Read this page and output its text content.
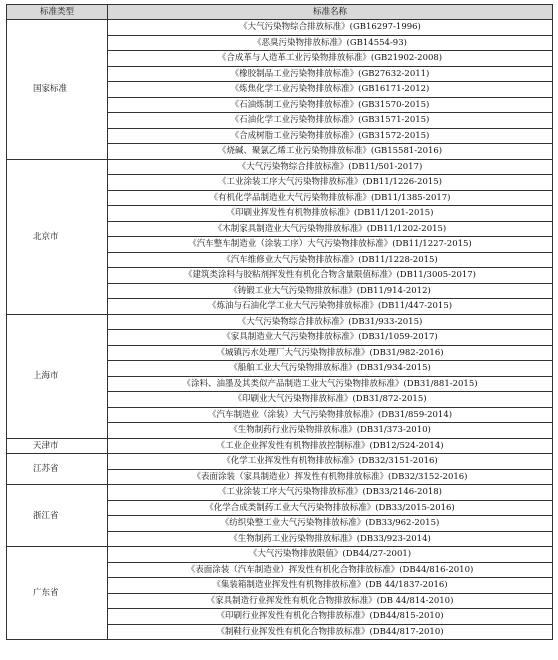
标准类型	标准名称
国家标准	《大气污染物综合排放标准》(GB16297-1996)
	《恶臭污染物排放标准》(GB14554-93)
	《合成革与人造革工业污染物排放标准》(GB21902-2008)
	《橡胶制品工业污染物排放标准》(GB27632-2011)
	《炼焦化学工业污染物排放标准》(GB16171-2012)
	《石油炼制工业污染物排放标准》(GB31570-2015)
	《石油化学工业污染物排放标准》(GB31571-2015)
	《合成树脂工业污染物排放标准》(GB31572-2015)
	《烧碱、聚氯乙烯工业污染物排放标准》(GB15581-2016)
北京市	《大气污染物综合排放标准》(DB11/501-2017)
	《工业涂装工序大气污染物排放标准》(DB11/1226-2015)
	《有机化学品制造业大气污染物排放标准》(DB11/1385-2017)
	《印刷业挥发性有机物排放标准》(DB11/1201-2015)
	《木制家具制造业大气污染物排放标准》(DB11/1202-2015)
	《汽车整车制造业（涂装工序）大气污染物排放标准》(DB11/1227-2015)
	《汽车维修业大气污染物排放标准》(DB11/1228-2015)
	《建筑类涂料与胶粘剂挥发性有机化合物含量限值标准》(DB11/3005-2017)
	《铸锻工业大气污染物排放标准》(DB11/914-2012)
	《炼油与石油化学工业大气污染物排放标准》(DB11/447-2015)
上海市	《大气污染物综合排放标准》(DB31/933-2015)
	《家具制造业大气污染物排放标准》(DB31/1059-2017)
	《城镇污水处理厂大气污染物排放标准》(DB31/982-2016)
	《船舶工业大气污染物排放标准》(DB31/934-2015)
	《涂料、油墨及其类似产品制造工业大气污染物排放标准》(DB31/881-2015)
	《印刷业大气污染物排放标准》(DB31/872-2015)
	《汽车制造业（涂装）大气污染物排放标准》(DB31/859-2014)
	《生物制药行业污染物排放标准》(DB31/373-2010)
天津市	《工业企业挥发性有机物排放控制标准》(DB12/524-2014)
江苏省	《化学工业挥发性有机物排放标准》(DB32/3151-2016)
	《表面涂装（家具制造业）挥发性有机物排放标准》(DB32/3152-2016)
浙江省	《工业涂装工序大气污染物排放标准》(DB33/2146-2018)
	《化学合成类制药工业大气污染物排放标准》(DB33/2015-2016)
	《纺织染整工业大气污染物排放标准》(DB33/962-2015)
	《生物制药工业污染物排放标准》(DB33/923-2014)
广东省	《大气污染物排放限值》(DB44/27-2001)
	《表面涂装（汽车制造业）挥发性有机化合物排放标准》(DB44/816-2010)
	《集装箱制造业挥发性有机物排放标准》(DB 44/1837-2016)
	《家具制造行业挥发性有机化合物排放标准》(DB 44/814-2010)
	《印刷行业挥发性有机化合物排放标准》(DB44/815-2010)
	《制鞋行业挥发性有机化合物排放标准》(DB44/817-2010)
